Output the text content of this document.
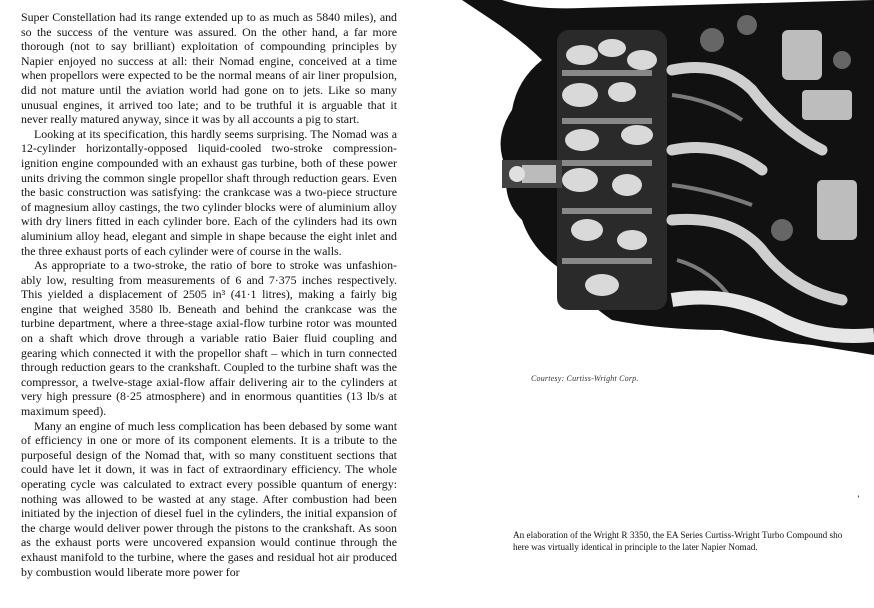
Super Constellation had its range extended up to as much as 5840 miles), and so the success of the venture was assured. On the other hand, a far more thorough (not to say brilliant) exploitation of compounding principles by Napier enjoyed no success at all: their Nomad engine, conceived at a time when propellors were expected to be the normal means of air liner propulsion, did not mature until the aviation world had gone on to jets. Like so many unusual engines, it arrived too late; and to be truthful it is arguable that it never really matured anyway, since it was by all accounts a pig to start.

Looking at its specification, this hardly seems surprising. The Nomad was a 12-cylinder horizontally-opposed liquid-cooled two-stroke compression-ignition engine compounded with an exhaust gas turbine, both of these power units driving the common single propellor shaft through reduction gears. Even the basic construction was satisfying: the crankcase was a two-piece structure of magnesium alloy castings, the two cylinder blocks were of aluminium alloy with dry liners fitted in each cylinder bore. Each of the cylinders had its own aluminium alloy head, elegant and simple in shape because the eight inlet and the three exhaust ports of each cylinder were of course in the walls.

As appropriate to a two-stroke, the ratio of bore to stroke was unfashion-ably low, resulting from measurements of 6 and 7·375 inches respectively. This yielded a displacement of 2505 in³ (41·1 litres), making a fairly big engine that weighed 3580 lb. Beneath and behind the crankcase was the turbine department, where a three-stage axial-flow turbine rotor was mounted on a shaft which drove through a variable ratio Baier fluid coupling and gearing which connected it with the propellor shaft – which in turn connected through reduction gears to the crankshaft. Coupled to the turbine shaft was the compressor, a twelve-stage axial-flow affair delivering air to the cylinders at very high pressure (8·25 atmosphere) and in enormous quantities (13 lb/s at maximum speed).

Many an engine of much less complication has been debased by some want of efficiency in one or more of its component elements. It is a tribute to the purposeful design of the Nomad that, with so many constituent sections that could have let it down, it was in fact of extraordinary efficiency. The whole operating cycle was calculated to extract every possible quantum of energy: nothing was allowed to be wasted at any stage. After combustion had been initiated by the injection of diesel fuel in the cylinders, the initial expansion of the charge would deliver power through the pistons to the crankshaft. As soon as the exhaust ports were uncovered expansion would continue through the exhaust manifold to the turbine, where the gases and residual hot air produced by combustion would liberate more power for

Courtesy: Curtiss-Wright Corp.
’
An elaboration of the Wright R 3350, the EA Series Curtiss-Wright Turbo Compound sho
here was virtually identical in principle to the later Napier Nomad.
